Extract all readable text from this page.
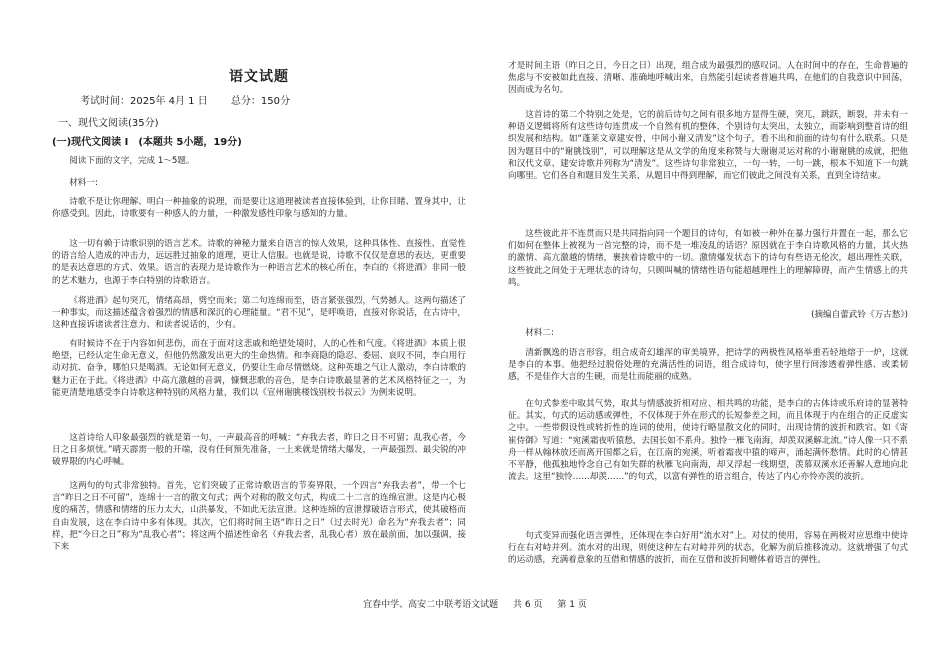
语文试题
考试时间：2025年 4月 1 日 总分：150分
一、现代文阅读(35分)
(一)现代文阅读 Ⅰ　(本题共 5小题，19分)

阅读下面的文字，完成 1～5题。

材料一:

诗歌不是让你理解、明白一种抽象的说理，而是要让这道理被读者直接体验到，让你目睹、置身其中，让你感受到。因此，诗歌要有一种感人的力量，一种激发感性印象与感知的力量。

这一切有赖于诗歌识别的语言艺术。诗歌的神秘力量来自语言的惊人效果，这种具体性、直接性、直觉性的语言给人造成的冲击力，远远胜过抽象的道理，更让人信服。也就是说，诗歌不仅仅是意思的表达，更重要的是表达意思的方式、效果。语言的表现力是诗歌作为一种语言艺术的核心所在，李白的《将进酒》非同一般的艺术魅力，也源于李白特别的诗歌语言。

《将进酒》起句突兀，情绪高昂，劈空而来；第二句连绵而至，语言紧张强烈，气势撼人。这两句描述了一种事实，而这描述蕴含着强烈的情感和深沉的心理能量。“君不见”，是呼唤语，直接对你说话，在古诗中，这种直接诉诸读者注意力、和读者说话的，少有。

有时候诗不在于内容如何悲伤，而在于面对这悲戚和绝望处境时，人的心性和气度。《将进酒》本质上很绝望，已经认定生命无意义，但他仍然激发出更大的生命热情。和李商隐的隐忍、委屈、哀叹不同，李白用行动对抗、奋争，哪怕只是喝酒。无论如何无意义，仍要让生命尽情燃烧。这种英雄之气让人激动，李白诗歌的魅力正在于此。《将进酒》中高亢激越的音调，慷慨悲歌的音色，是李白诗歌最显著的艺术风格特征之一，为能更清楚地感受李白诗歌这种特别的风格力量，我们以《宣州谢朓楼饯别校书叔云》为例来说明。

这首诗给人印象最强烈的就是第一句，一声最高音的呼喊：“弃我去者，昨日之日不可留；乱我心者，今日之日多烦忧。”晴天霹雳一般的开端，没有任何预先准备，一上来就是情绪大爆发，一声最强烈、最尖锐的冲破界限的内心呼喊。

这两句的句式非常独特。首先，它们突破了正常诗歌语言的节奏界限，一个四言“弃我去者”，带一个七言“昨日之日不可留”，连绵十一言的散文句式；两个对称的散文句式，构成二十二言的连绵宣泄。这是内心极度的痛苦，情感和情绪的压力太大，山洪暴发，不如此无法宣泄。这种连绵的宣泄撑破语言形式，使其破格而自由发展，这在李白诗中多有体现。其次，它们将时间主语“昨日之日”（过去时光）命名为“弃我去者”；同样，把“今日之日”称为“乱我心者”；将这两个描述性命名（弃我去者，乱我心者）放在最前面，加以强调，接下来

才是时间主语（昨日之日，今日之日）出现，组合成为最强烈的感叹词。人在时间中的存在，生命普遍的焦虑与不安被如此直接、清晰、准确地呼喊出来，自然能引起读者普遍共鸣，在他们的自我意识中回荡，因而成为名句。

这首诗的第二个特别之处是，它的前后诗句之间有很多地方显得生硬，突兀，跳跃，断裂，并未有一种语义逻辑将所有这些诗句连贯成一个自然有机的整体，个别诗句太突出，太独立，而影响到整首诗的组织发展和结构。如“蓬莱文章建安骨，中间小谢又清发”这个句子，看不出和前面的诗句有什么联系。只是因为题目中的“谢朓饯别”，可以理解这是从文学的角度来称赞与大谢谢灵运对称的小谢谢朓的成就，把他和汉代文章、建安诗歌并列称为“清发”。这些诗句非常独立，一句一转，一句一跳，根本不知道下一句跳向哪里。它们各自和题目发生关系，从题目中得到理解，而它们彼此之间没有关系，直到全诗结束。

这些彼此并不连贯而只是共同指向同一个题目的诗句，有如被一种外在暴力强行并置在一起，那么它们如何在整体上被视为一首完整的诗，而不是一堆凌乱的话语？原因就在于李白诗歌风格的力量，其火热的激情、高亢激越的情绪，裹挟着诗歌中的一切。激情爆发状态下的诗句有些语无伦次，超出理性关联，这些彼此之间处于无理状态的诗句，只顾叫喊的情绪性语句能超越理性上的理解障碍，而产生情感上的共鸣。

(摘编自蕾武铃《万古愁》)

材料二:

清新飘逸的语言形容，组合成奇幻雄浑的审美境界，把诗学的两极性风格举重若轻地熔于一炉，这就是李白的本事。他把经过脱俗处理的充满活性的词语，组合成诗句，使字里行间渗透着弹性感、或柔韧感，不是佳作大言的生硬，而是壮而能丽的成熟。

在句式参差中取其气势，取其与情感波折相对应、相共鸣的功能，是李白的古体诗或乐府诗的显著特征。其实，句式的运动感或弹性，不仅体现于外在形式的长短参差之间，而且体现于内在组合的正反虚实之中。一些带假设性或转折性的连词的使用，使诗行略显散文化的同时，出现诗情的波折和跌宕。如《寄崔侍御》写道：“宛溪霜夜听猿愁，去国长如不系舟。独怜一雁飞南海，却羡双溪解北流。”诗人像一只不系舟一样从翰林放还而离开国都之后，在江南的宛溪，听着霜夜中猿的啼声，涌起满怀愁情。此时的心情甚不平静，他孤独地怜念自己有如失群的秋雁飞向南海，却又浮起一线期望，羡慕双溪水还善解人意地向北流去。这里“独怜……却羡……”的句式，以富有弹性的语言组合，传达了内心亦怜亦羡的波折。

句式变异而强化语言弹性，还体现在李白好用“流水对”上。对仗的使用，容易在两极对应思维中使诗行在右对峙并列。流水对的出现，则使这种左右对峙并列的状态，化解为前后推移流动。这就增强了句式的运动感，充满着意象的互借和情感的波折，而在互借和波折间赠体着语言的弹性。

宜春中学、高安二中联考语文试题 共 6 页 第 1 页
